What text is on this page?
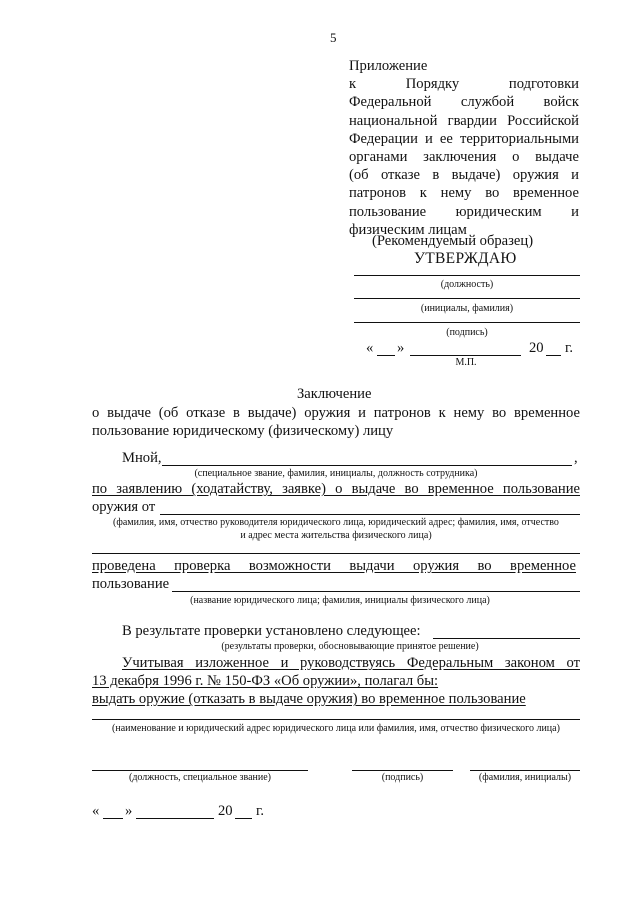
5
Приложение
к Порядку подготовки
Федеральной службой войск
национальной гвардии Российской
Федерации и ее территориальными
органами заключения о выдаче
(об отказе в выдаче) оружия и
патронов к нему во временное
пользование юридическим и
физическим лицам
(Рекомендуемый образец)
УТВЕРЖДАЮ
(должность)
(инициалы, фамилия)
(подпись)
« »	20 г.
М.П.
Заключение
о выдаче (об отказе в выдаче) оружия и патронов к нему во временное
пользование юридическому (физическому) лицу
Мной,	,
(специальное звание, фамилия, инициалы, должность сотрудника)
по заявлению (ходатайству, заявке) о выдаче во временное пользование
оружия от
(фамилия, имя, отчество руководителя юридического лица, юридический адрес; фамилия, имя, отчество
и адрес места жительства физического лица)
проведена проверка возможности выдачи оружия во временное
пользование
(название юридического лица; фамилия, инициалы физического лица)
В результате проверки установлено следующее:
(результаты проверки, обосновывающие принятое решение)
Учитывая изложенное и руководствуясь Федеральным законом от
13 декабря 1996 г. № 150-ФЗ «Об оружии», полагал бы:
выдать оружие (отказать в выдаче оружия) во временное пользование
(наименование и юридический адрес юридического лица или фамилия, имя, отчество физического лица)
(должность, специальное звание)	(подпись)	(фамилия, инициалы)
« »	20 г.
